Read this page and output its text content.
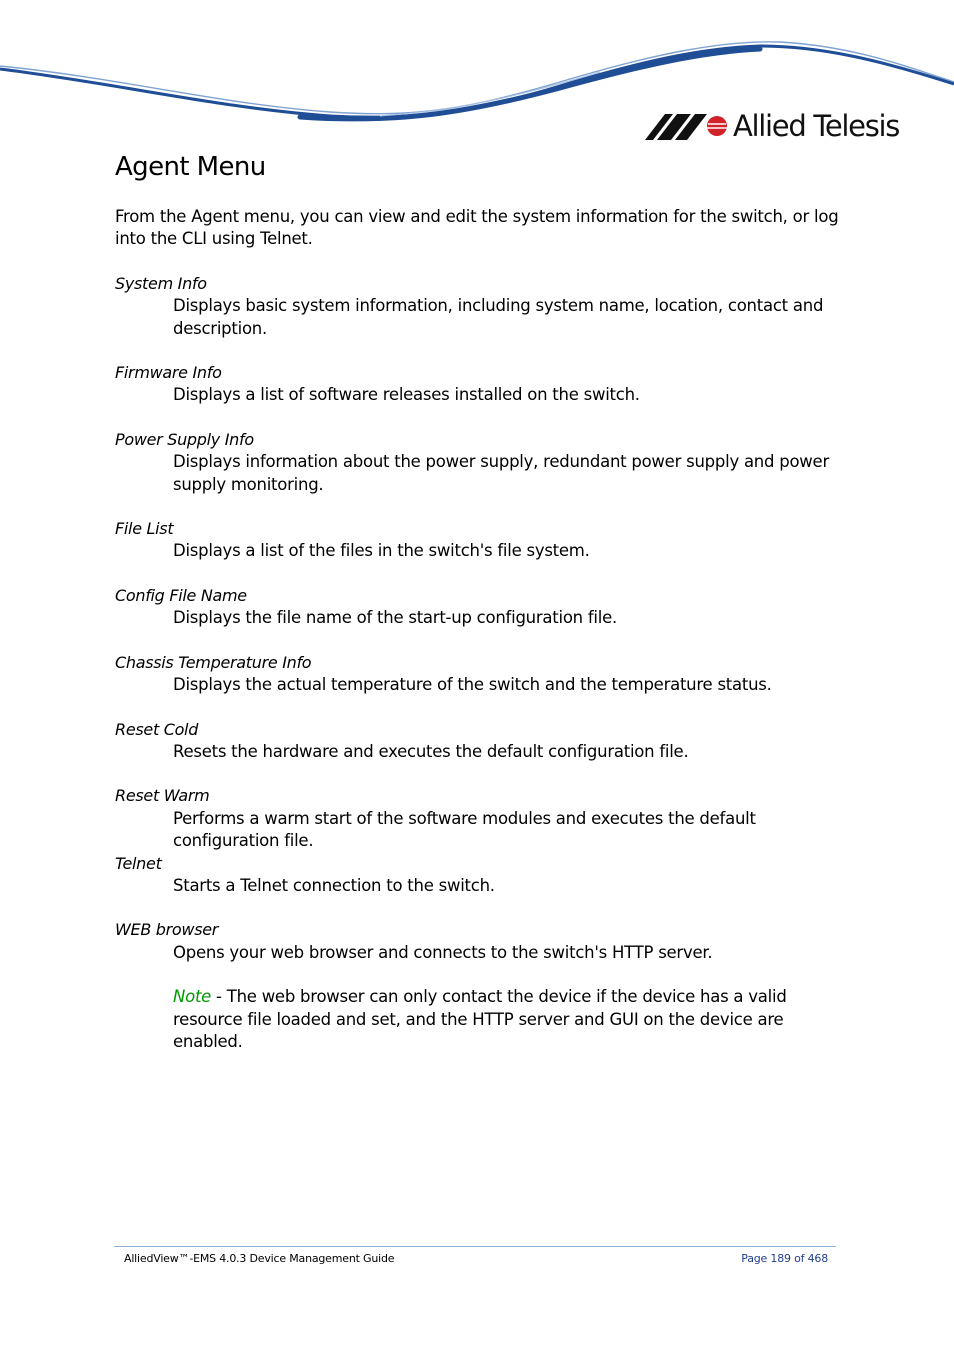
Allied Telesis
Agent Menu

From the Agent menu, you can view and edit the system information for the switch, or log into the CLI using Telnet.

System Info

Displays basic system information, including system name, location, contact and description.

Firmware Info

Displays a list of software releases installed on the switch.

Power Supply Info

Displays information about the power supply, redundant power supply and power supply monitoring.

File List

Displays a list of the files in the switch's file system.

Config File Name

Displays the file name of the start-up configuration file.

Chassis Temperature Info

Displays the actual temperature of the switch and the temperature status.

Reset Cold

Resets the hardware and executes the default configuration file.

Reset Warm

Performs a warm start of the software modules and executes the default configuration file.

Telnet

Starts a Telnet connection to the switch.

WEB browser

Opens your web browser and connects to the switch's HTTP server.

Note - The web browser can only contact the device if the device has a valid resource file loaded and set, and the HTTP server and GUI on the device are enabled.

AlliedView™-EMS 4.0.3 Device Management Guide	Page 189 of 468
